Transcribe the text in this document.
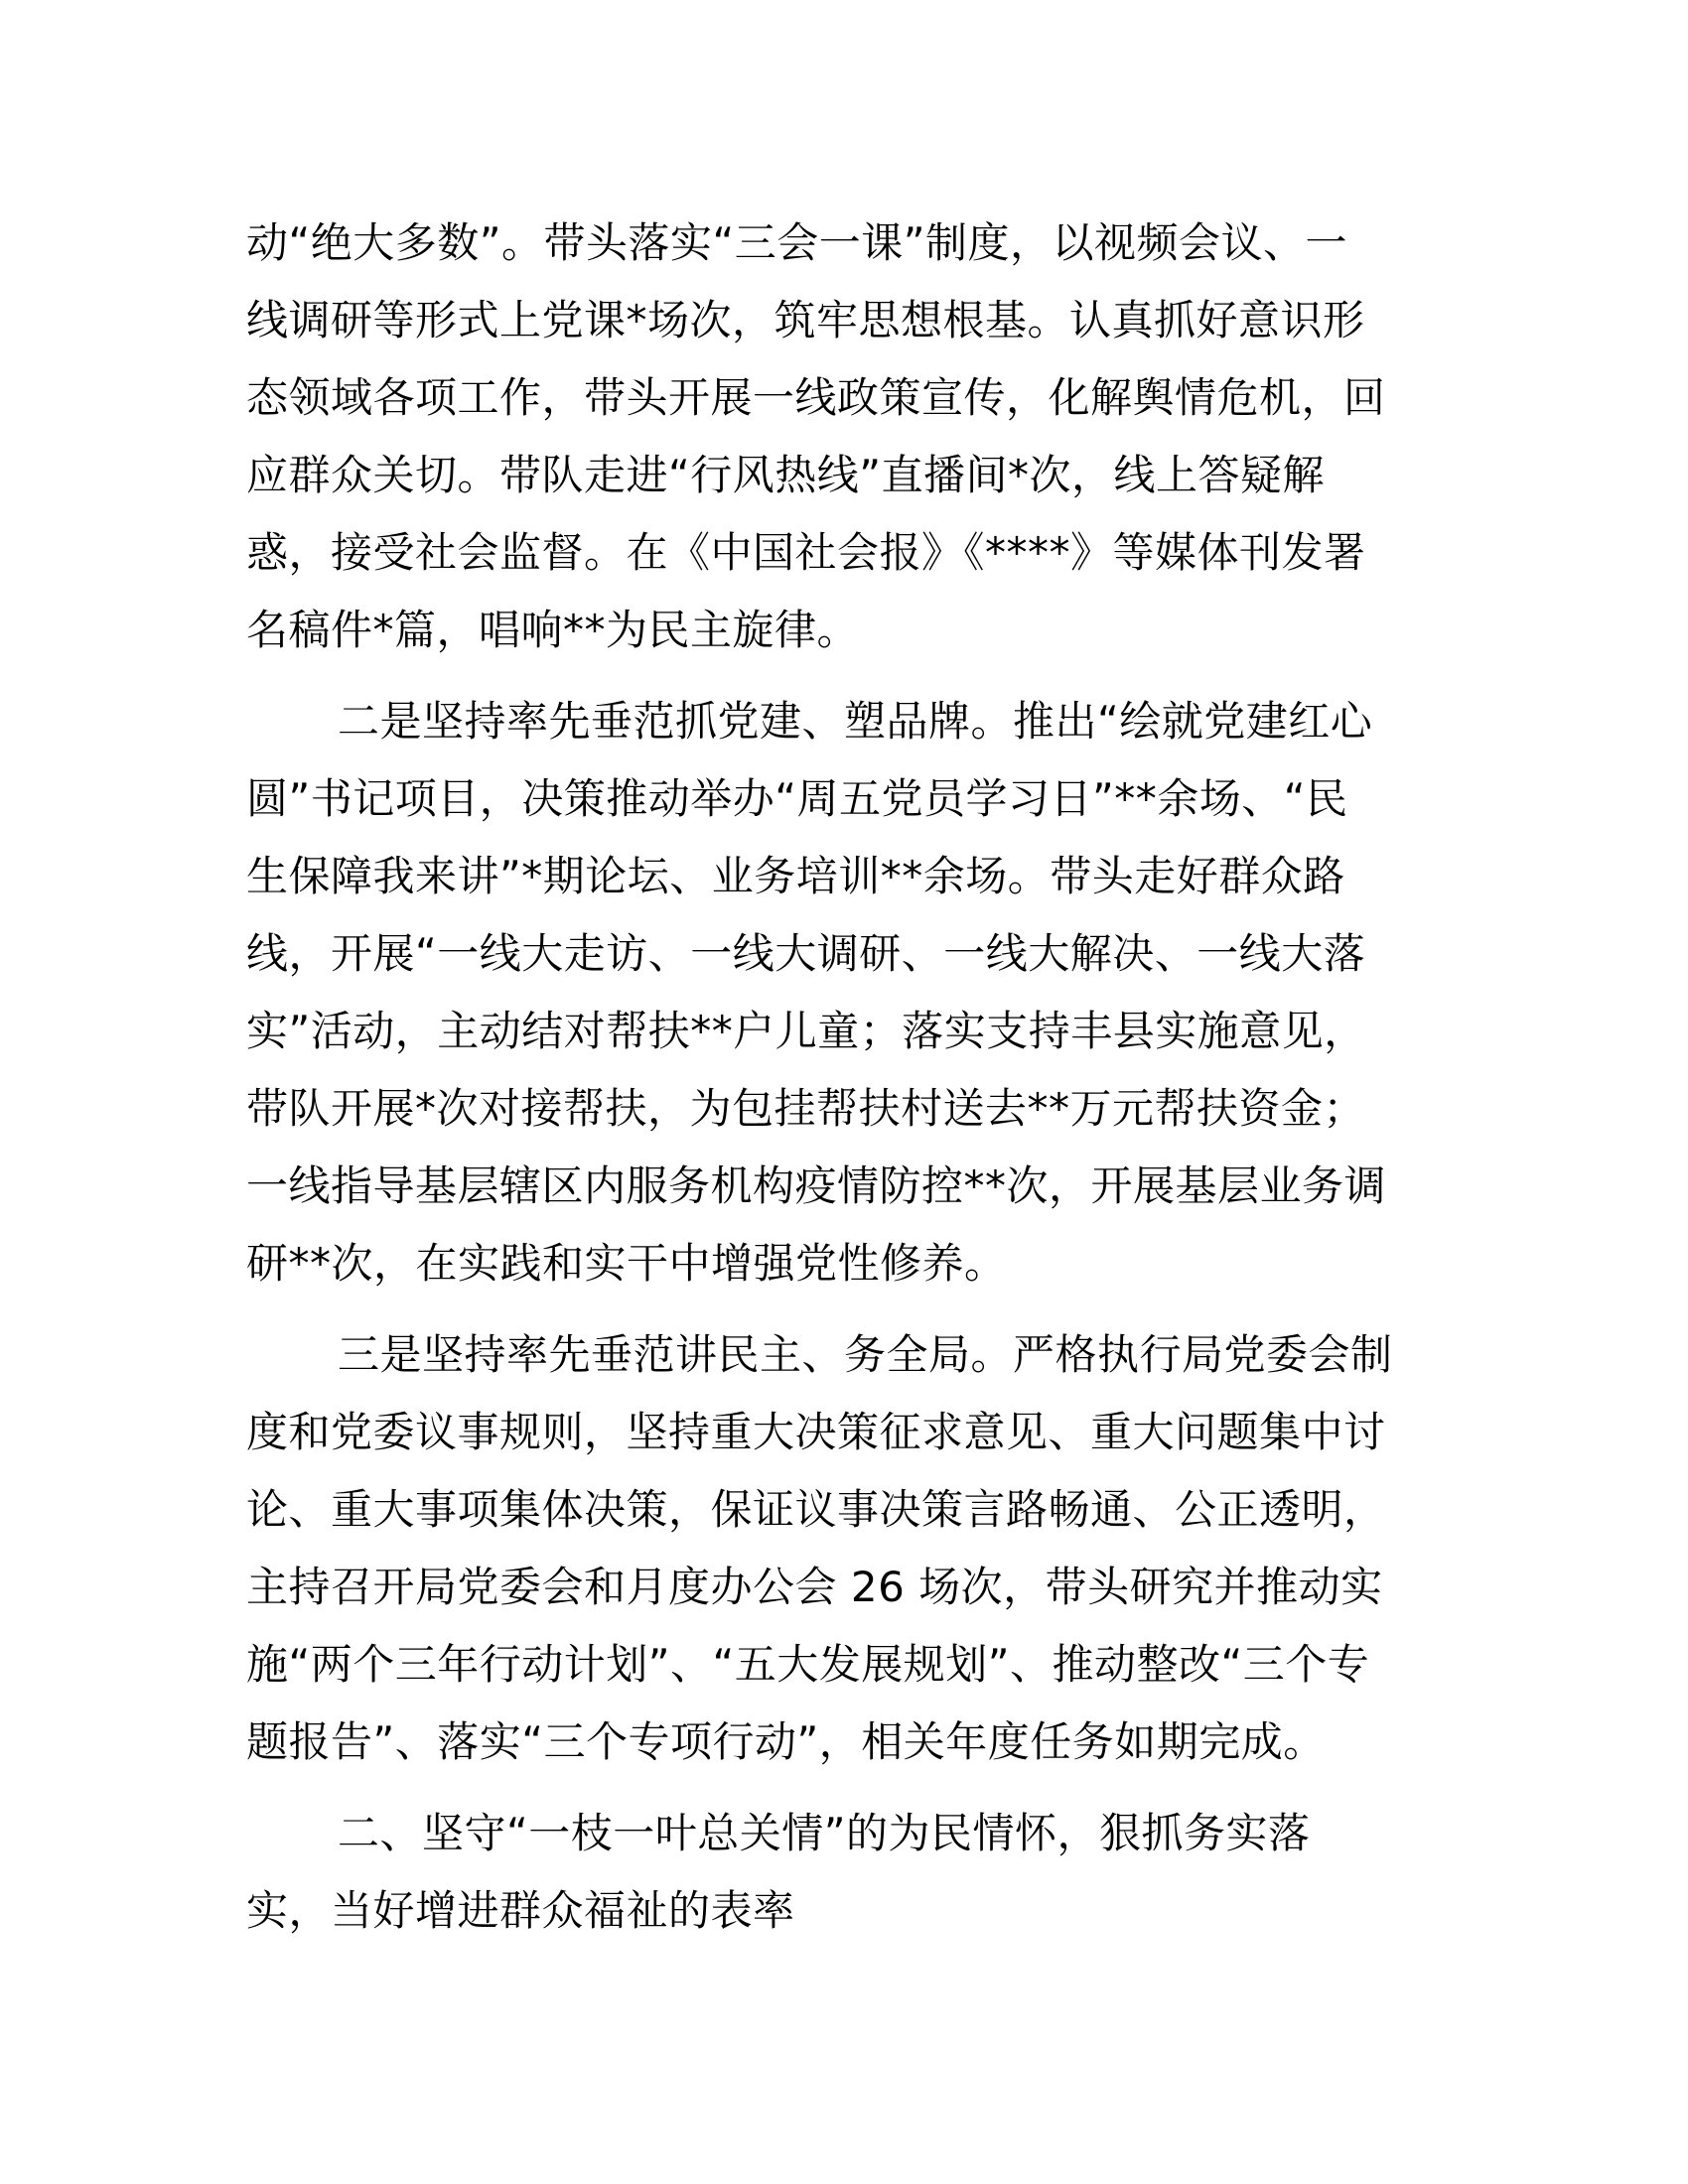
动“绝大多数”。带头落实“三会一课”制度，以视频会议、一
线调研等形式上党课*场次，筑牢思想根基。认真抓好意识形
态领域各项工作，带头开展一线政策宣传，化解舆情危机，回
应群众关切。带队走进“行风热线”直播间*次，线上答疑解
惑，接受社会监督。在《中国社会报》《****》等媒体刊发署
名稿件*篇，唱响**为民主旋律。

二是坚持率先垂范抓党建、塑品牌。推出“绘就党建红心
圆”书记项目，决策推动举办“周五党员学习日”**余场、“民
生保障我来讲”*期论坛、业务培训**余场。带头走好群众路
线，开展“一线大走访、一线大调研、一线大解决、一线大落
实”活动，主动结对帮扶**户儿童；落实支持丰县实施意见，
带队开展*次对接帮扶，为包挂帮扶村送去**万元帮扶资金；
一线指导基层辖区内服务机构疫情防控**次，开展基层业务调
研**次，在实践和实干中增强党性修养。

三是坚持率先垂范讲民主、务全局。严格执行局党委会制
度和党委议事规则，坚持重大决策征求意见、重大问题集中讨
论、重大事项集体决策，保证议事决策言路畅通、公正透明，
主持召开局党委会和月度办公会 26 场次，带头研究并推动实
施“两个三年行动计划”、“五大发展规划”、推动整改“三个专
题报告”、落实“三个专项行动”，相关年度任务如期完成。

二、坚守“一枝一叶总关情”的为民情怀，狠抓务实落
实，当好增进群众福祉的表率
